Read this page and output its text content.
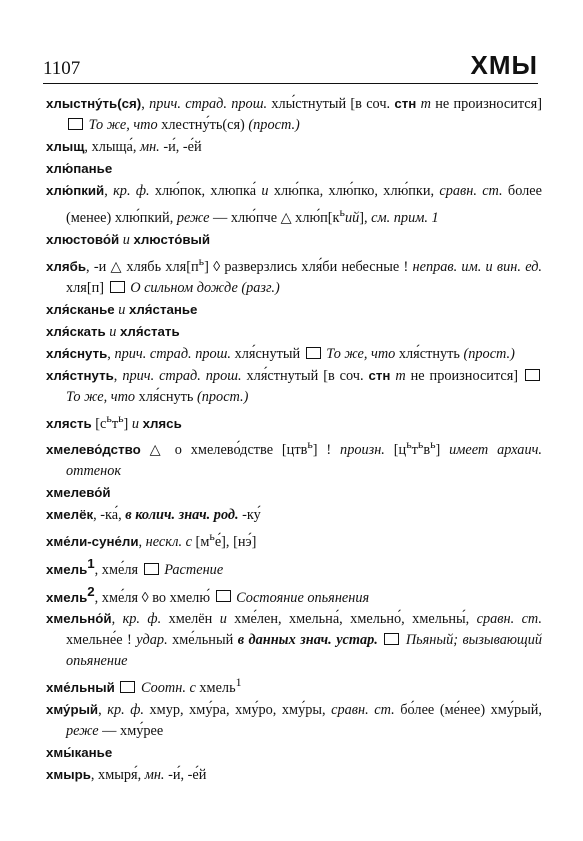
1107	ХМЫ

хлыстну́ть(ся), прич. страд. прош. хлы́стнутый [в соч. стн т не произносится]  То же, что хлестну́ть(ся) (прост.)

хлыщ, хлыща́, мн. -и́, -е́й

хлю́панье

хлю́пкий, кр. ф. хлю́пок, хлюпка́ и хлю́пка, хлю́пко, хлю́пки, сравн. ст. более (менее) хлю́пкий, реже — хлю́пче △ $хлю́п[к^ьий]$, см. прим. 1

хлюстово́й и хлюсто́вый

хлябь, -и △ хлябь $хля[п^ь]$ ◊ разверзлись хля́би небесные ! неправ. им. и вин. ед. хля[п]  О сильном дожде (разг.)

хля́сканье и хля́станье

хля́скать и хля́стать

хля́снуть, прич. страд. прош. хля́снутый  То же, что хля́стнуть (прост.)

хля́стнуть, прич. страд. прош. хля́стнутый [в соч. стн т не произносится]  То же, что хля́снуть (прост.)

хлясть $[с^ьт^ь]$ и хлясь

хмелево́дство △ о хмелево́дстве [цтв$^ь$] ! произн. $[ц^ьт^ьв^ь]$ имеет архаич. оттенок

хмелево́й

хмелёк, -ка́, в колич. знач. род. -ку́

хме́ли-суне́ли, нескл. с $[м^ье́]$, [нэ́]

хмель$^1$, хме́ля  Растение

хмель$^2$, хме́ля ◊ во хмелю́  Состояние опьянения

хмельно́й, кр. ф. хмелён и хме́лен, хмельна́, хмельно́, хмельны́, сравн. ст. хмельне́е ! удар. хме́льный в данных знач. устар. Пьяный; вызывающий опьянение

хме́льный Соотн. с хмель$^1$

хму́рый, кр. ф. хмур, хму́ра, хму́ро, хму́ры, сравн. ст. бо́лее (ме́нее) хму́рый, реже — хму́рее

хмы́канье

хмырь, хмыря́, мн. -и́, -е́й
